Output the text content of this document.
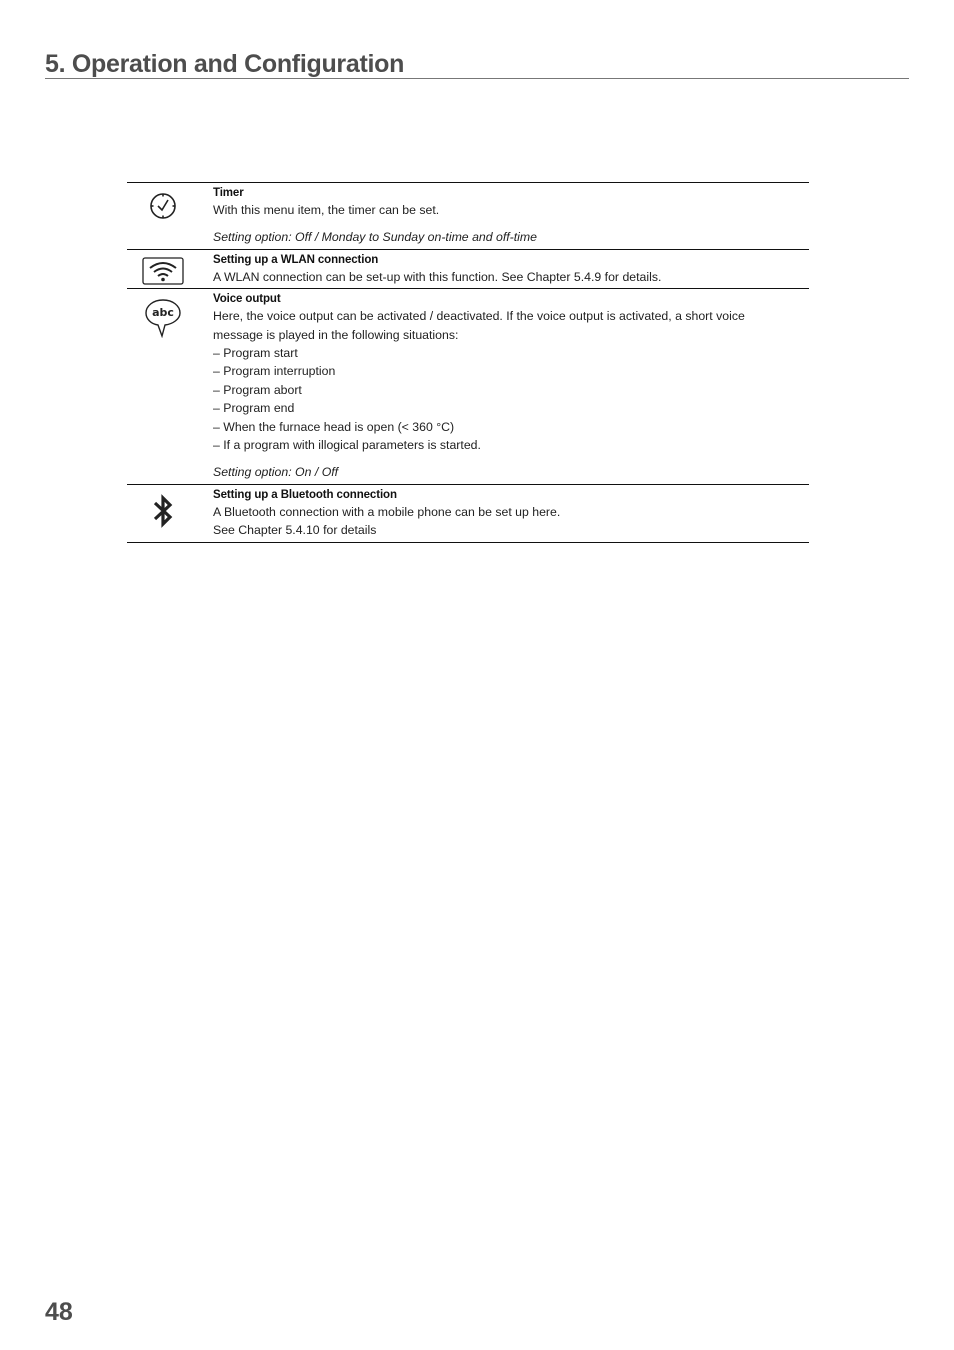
5. Operation and Configuration
Timer
With this menu item, the timer can be set.
Setting option: Off / Monday to Sunday on-time and off-time
Setting up a WLAN connection
A WLAN connection can be set-up with this function. See Chapter 5.4.9 for details.
abc
Voice output
Here, the voice output can be activated / deactivated. If the voice output is activated, a short voice
message is played in the following situations:
– Program start
– Program interruption
– Program abort
– Program end
– When the furnace head is open (< 360 °C)
– If a program with illogical parameters is started.
Setting option: On / Off
Setting up a Bluetooth connection
A Bluetooth connection with a mobile phone can be set up here.
See Chapter 5.4.10 for details

48
